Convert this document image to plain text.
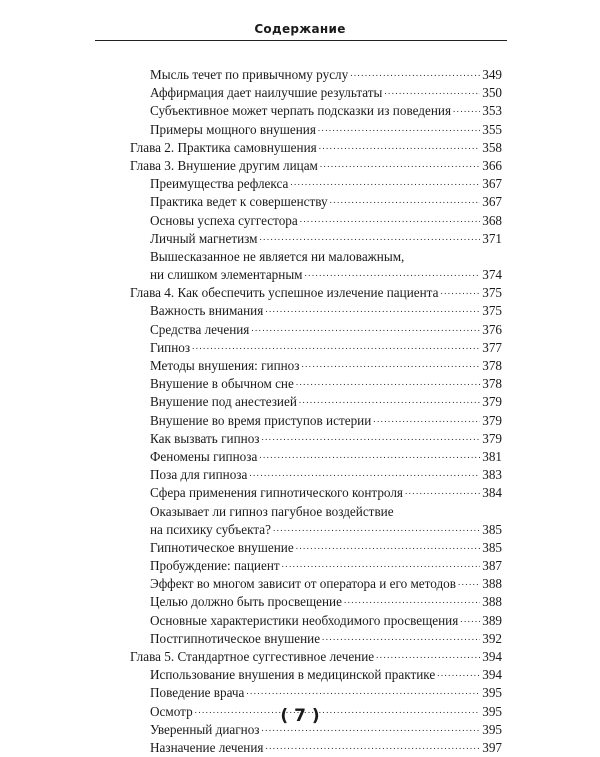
Содержание
Мысль течет по привычному руслу .....	349
Аффирмация дает наилучшие результаты .....	350
Субъективное может черпать подсказки из поведения ..... 353
Примеры мощного внушения .....	355
Глава 2. Практика самовнушения .....	358
Глава 3. Внушение другим лицам .....	366
Преимущества рефлекса .....	367
Практика ведет к совершенству .....	367
Основы успеха суггестора .....	368
Личный магнетизм .....	371
Вышесказанное не является ни маловажным,
ни слишком элементарным .....	374
Глава 4. Как обеспечить успешное излечение пациента .....	375
Важность внимания .....	375
Средства лечения .....	376
Гипноз .....	377
Методы внушения: гипноз .....	378
Внушение в обычном сне .....	378
Внушение под анестезией .....	379
Внушение во время приступов истерии .....	379
Как вызвать гипноз .....	379
Феномены гипноза .....	381
Поза для гипноза .....	383
Сфера применения гипнотического контроля .....	384
Оказывает ли гипноз пагубное воздействие
на психику субъекта? .....	385
Гипнотическое внушение .....	385
Пробуждение: пациент .....	387
Эффект во многом зависит от оператора и его методов ..... 388
Целью должно быть просвещение .....	388
Основные характеристики необходимого просвещения ..... 389
Постгипнотическое внушение .....	392
Глава 5. Стандартное суггестивное лечение .....	394
Использование внушения в медицинской практике .....	394
Поведение врача .....	395
Осмотр .....	395
Уверенный диагноз .....	395
Назначение лечения .....	397
( 7 )
